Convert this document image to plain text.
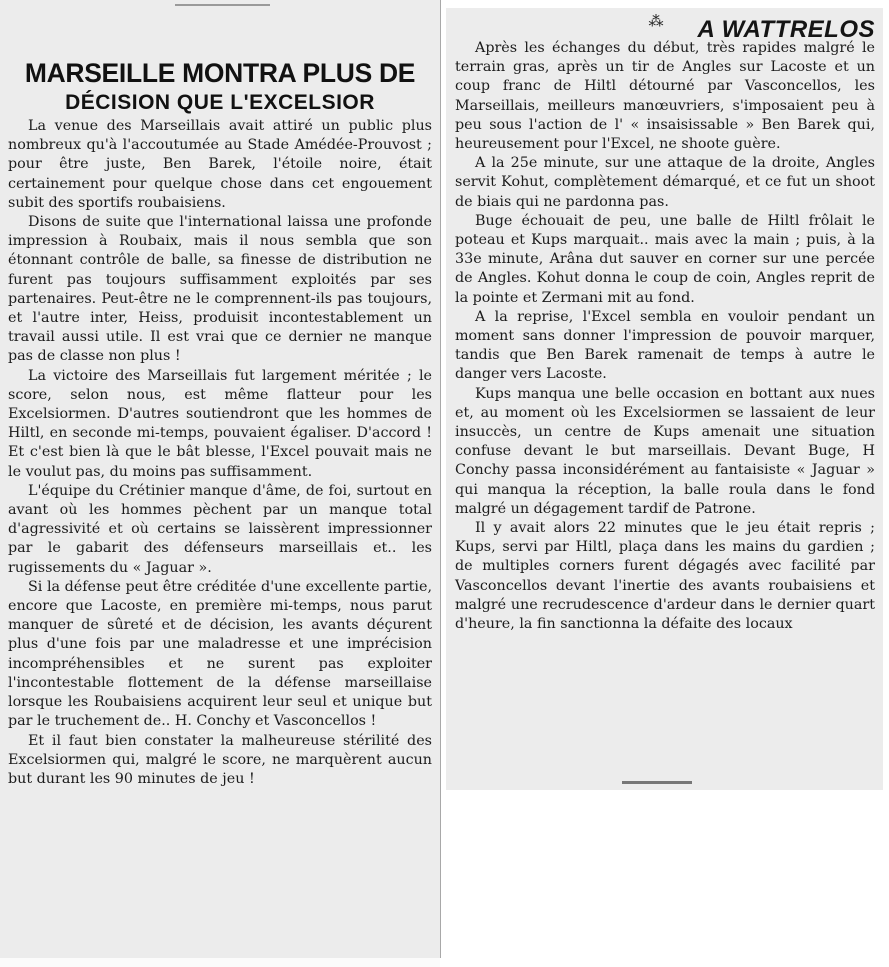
A WATTRELOS
MARSEILLE MONTRA PLUS DE
DÉCISION QUE L'EXCELSIOR

La venue des Marseillais avait attiré un public plus nombreux qu'à l'accoutumée au Stade Amédée-Prouvost ; pour être juste, Ben Barek, l'étoile noire, était certainement pour quelque chose dans cet engouement subit des sportifs roubaisiens.

Disons de suite que l'international laissa une profonde impression à Roubaix, mais il nous sembla que son étonnant contrôle de balle, sa finesse de distribution ne furent pas toujours suffisamment exploités par ses partenaires. Peut-être ne le comprennent-ils pas toujours, et l'autre inter, Heiss, produisit incontestablement un travail aussi utile. Il est vrai que ce dernier ne manque pas de classe non plus !

La victoire des Marseillais fut largement méritée ; le score, selon nous, est même flatteur pour les Excelsiormen. D'autres soutiendront que les hommes de Hiltl, en seconde mi-temps, pouvaient égaliser. D'accord ! Et c'est bien là que le bât blesse, l'Excel pouvait mais ne le voulut pas, du moins pas suffisamment.

L'équipe du Crétinier manque d'âme, de foi, surtout en avant où les hommes pèchent par un manque total d'agressivité et où certains se laissèrent impressionner par le gabarit des défenseurs marseillais et.. les rugissements du « Jaguar ».

Si la défense peut être créditée d'une excellente partie, encore que Lacoste, en première mi-temps, nous parut manquer de sûreté et de décision, les avants déçurent plus d'une fois par une maladresse et une imprécision incompréhensibles et ne surent pas exploiter l'incontestable flottement de la défense marseillaise lorsque les Roubaisiens acquirent leur seul et unique but par le truchement de.. H. Conchy et Vasconcellos !

Et il faut bien constater la malheureuse stérilité des Excelsiormen qui, malgré le score, ne marquèrent aucun but durant les 90 minutes de jeu !

⁂

Après les échanges du début, très rapides malgré le terrain gras, après un tir de Angles sur Lacoste et un coup franc de Hiltl détourné par Vasconcellos, les Marseillais, meilleurs manœuvriers, s'imposaient peu à peu sous l'action de l' « insaisissable » Ben Barek qui, heureusement pour l'Excel, ne shoote guère.

A la 25e minute, sur une attaque de la droite, Angles servit Kohut, complètement démarqué, et ce fut un shoot de biais qui ne pardonna pas.

Buge échouait de peu, une balle de Hiltl frôlait le poteau et Kups marquait.. mais avec la main ; puis, à la 33e minute, Arâna dut sauver en corner sur une percée de Angles. Kohut donna le coup de coin, Angles reprit de la pointe et Zermani mit au fond.

A la reprise, l'Excel sembla en vouloir pendant un moment sans donner l'impression de pouvoir marquer, tandis que Ben Barek ramenait de temps à autre le danger vers Lacoste.

Kups manqua une belle occasion en bottant aux nues et, au moment où les Excelsiormen se lassaient de leur insuccès, un centre de Kups amenait une situation confuse devant le but marseillais. Devant Buge, H Conchy passa inconsidérément au fantaisiste « Jaguar » qui manqua la réception, la balle roula dans le fond malgré un dégagement tardif de Patrone.

Il y avait alors 22 minutes que le jeu était repris ; Kups, servi par Hiltl, plaça dans les mains du gardien ; de multiples corners furent dégagés avec facilité par Vasconcellos devant l'inertie des avants roubaisiens et malgré une recrudescence d'ardeur dans le dernier quart d'heure, la fin sanctionna la défaite des locaux
